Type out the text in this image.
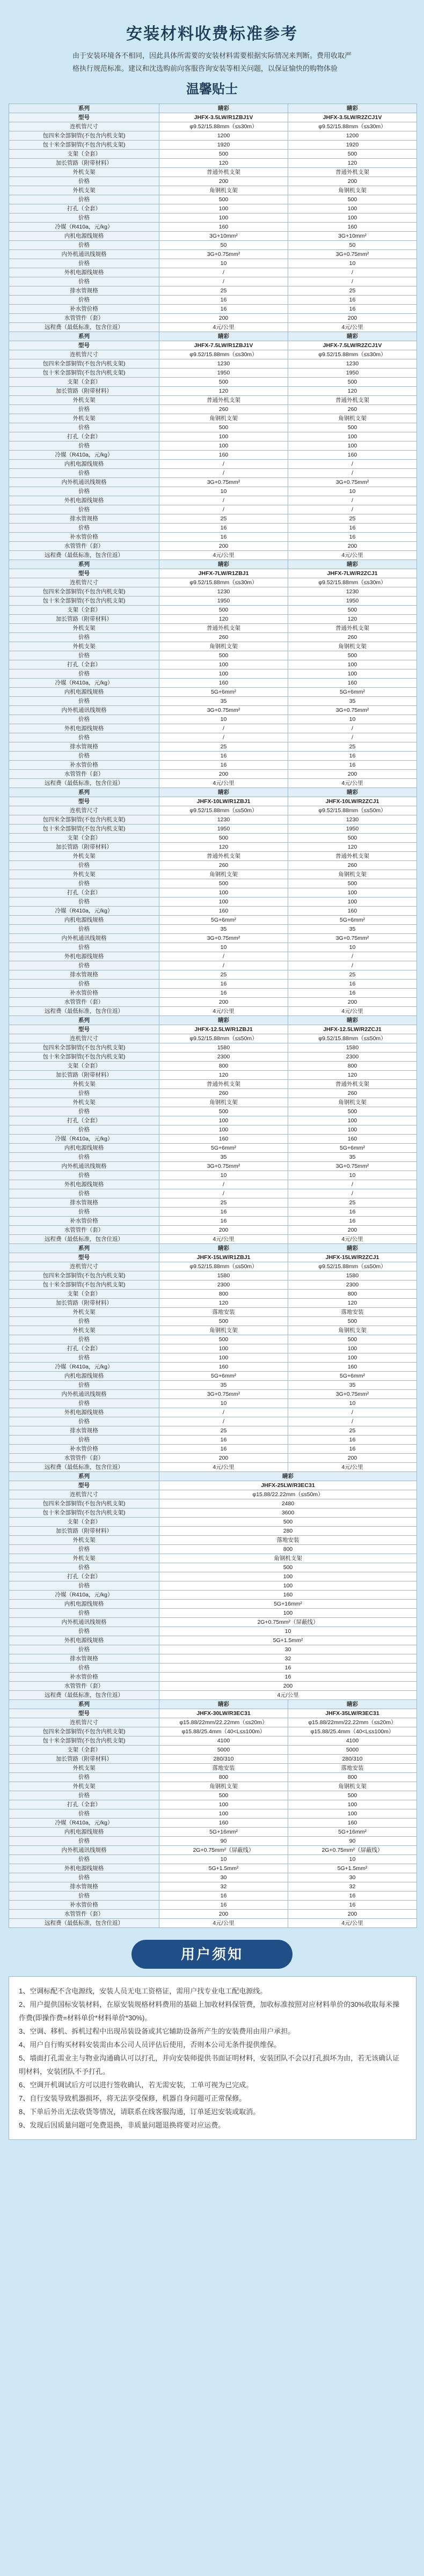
安装材料收费标准参考
由于安装环境各不相同，因此具体所需要的安装材料需要根据实际情况来判断。费用收取严格执行规范标准。建议和沈选购前向客服咨询安装等相关问题，以保证愉快的购物体验
温馨贴士
系列	睛彩	睛彩
型号	JHFX-3.5LW/R1ZBJ1V	JHFX-3.5LW/R2ZCJ1V
连机管尺寸	φ9.52/15.88mm（≤s30m）	φ9.52/15.88mm（≤s30m）
包四米全部铜管(不包含内机支架)	1200	1200
包十米全部铜管(不包含内机支架)	1920	1920
支架（全套）	500	500
加长管路（附带材料）	120	120
外机支架	普通外机支架	普通外机支架
价格	200	200
外机支架	角钢机支架	角钢机支架
价格	500	500
打孔（全套）	100	100
价格	100	100
冷媒（R410a，元/kg）	160	160
内机电源线规格	3G+10mm²	3G+10mm²
价格	50	50
内外机通讯线规格	3G+0.75mm²	3G+0.75mm²
价格	10	10
外机电源线规格	/	/
价格	/	/
排水管规格	25	25
价格	16	16
补水管价格	16	16
水管管件（套）	200	200
远程费（最低标准，包含住返）	4元/公里	4元/公里
系列	睛彩	睛彩
型号	JHFX-7.5LW/R1ZBJ1V	JHFX-7.5LW/R2ZCJ1V
连机管尺寸	φ9.52/15.88mm（≤s30m）	φ9.52/15.88mm（≤s30m）
包四米全部铜管(不包含内机支架)	1230	1230
包十米全部铜管(不包含内机支架)	1950	1950
支架（全套）	500	500
加长管路（附带材料）	120	120
外机支架	普通外机支架	普通外机支架
价格	260	260
外机支架	角钢机支架	角钢机支架
价格	500	500
打孔（全套）	100	100
价格	100	100
冷媒（R410a，元/kg）	160	160
内机电源线规格	/	/
价格	/	/
内外机通讯线规格	3G+0.75mm²	3G+0.75mm²
价格	10	10
外机电源线规格	/	/
价格	/	/
排水管规格	25	25
价格	16	16
补水管价格	16	16
水管管件（套）	200	200
远程费（最低标准，包含住返）	4元/公里	4元/公里
系列	睛彩	睛彩
型号	JHFX-7LW/R1ZBJ1	JHFX-7LW/R2ZCJ1
连机管尺寸	φ9.52/15.88mm（≤s30m）	φ9.52/15.88mm（≤s30m）
包四米全部铜管(不包含内机支架)	1230	1230
包十米全部铜管(不包含内机支架)	1950	1950
支架（全套）	500	500
加长管路（附带材料）	120	120
外机支架	普通外机支架	普通外机支架
价格	260	260
外机支架	角钢机支架	角钢机支架
价格	500	500
打孔（全套）	100	100
价格	100	100
冷媒（R410a，元/kg）	160	160
内机电源线规格	5G+6mm²	5G+6mm²
价格	35	35
内外机通讯线规格	3G+0.75mm²	3G+0.75mm²
价格	10	10
外机电源线规格	/	/
价格	/	/
排水管规格	25	25
价格	16	16
补水管价格	16	16
水管管件（套）	200	200
远程费（最低标准，包含住返）	4元/公里	4元/公里
系列	睛彩	睛彩
型号	JHFX-10LW/R1ZBJ1	JHFX-10LW/R2ZCJ1
连机管尺寸	φ9.52/15.88mm（≤s50m）	φ9.52/15.88mm（≤s50m）
包四米全部铜管(不包含内机支架)	1230	1230
包十米全部铜管(不包含内机支架)	1950	1950
支架（全套）	500	500
加长管路（附带材料）	120	120
外机支架	普通外机支架	普通外机支架
价格	260	260
外机支架	角钢机支架	角钢机支架
价格	500	500
打孔（全套）	100	100
价格	100	100
冷媒（R410a，元/kg）	160	160
内机电源线规格	5G+6mm²	5G+6mm²
价格	35	35
内外机通讯线规格	3G+0.75mm²	3G+0.75mm²
价格	10	10
外机电源线规格	/	/
价格	/	/
排水管规格	25	25
价格	16	16
补水管价格	16	16
水管管件（套）	200	200
远程费（最低标准，包含住返）	4元/公里	4元/公里
系列	睛彩	睛彩
型号	JHFX-12.5LW/R1ZBJ1	JHFX-12.5LW/R2ZCJ1
连机管尺寸	φ9.52/15.88mm（≤s50m）	φ9.52/15.88mm（≤s50m）
包四米全部铜管(不包含内机支架)	1580	1580
包十米全部铜管(不包含内机支架)	2300	2300
支架（全套）	800	800
加长管路（附带材料）	120	120
外机支架	普通外机支架	普通外机支架
价格	260	260
外机支架	角钢机支架	角钢机支架
价格	500	500
打孔（全套）	100	100
价格	100	100
冷媒（R410a，元/kg）	160	160
内机电源线规格	5G+6mm²	5G+6mm²
价格	35	35
内外机通讯线规格	3G+0.75mm²	3G+0.75mm²
价格	10	10
外机电源线规格	/	/
价格	/	/
排水管规格	25	25
价格	16	16
补水管价格	16	16
水管管件（套）	200	200
远程费（最低标准，包含住返）	4元/公里	4元/公里
系列	睛彩	睛彩
型号	JHFX-15LW/R1ZBJ1	JHFX-15LW/R2ZCJ1
连机管尺寸	φ9.52/15.88mm（≤s50m）	φ9.52/15.88mm（≤s50m）
包四米全部铜管(不包含内机支架)	1580	1580
包十米全部铜管(不包含内机支架)	2300	2300
支架（全套）	800	800
加长管路（附带材料）	120	120
外机支架	落地安装	落地安装
价格	500	500
外机支架	角钢机支架	角钢机支架
价格	500	500
打孔（全套）	100	100
价格	100	100
冷媒（R410a，元/kg）	160	160
内机电源线规格	5G+6mm²	5G+6mm²
价格	35	35
内外机通讯线规格	3G+0.75mm²	3G+0.75mm²
价格	10	10
外机电源线规格	/	/
价格	/	/
排水管规格	25	25
价格	16	16
补水管价格	16	16
水管管件（套）	200	200
远程费（最低标准，包含住返）	4元/公里	4元/公里
系列	睛彩	
型号	JHFX-25LW/R3EC31	
连机管尺寸	φ15.88/22.22mm（≤s50m）	
包四米全部铜管(不包含内机支架)	2480	
包十米全部铜管(不包含内机支架)	3600	
支架（全套）	500	
加长管路（附带材料）	280	
外机支架	落地安装	
价格	800	
外机支架	角钢机支架	
价格	500	
打孔（全套）	100	
价格	100	
冷媒（R410a，元/kg）	160	
内机电源线规格	5G+16mm²	
价格	100	
内外机通讯线规格	2G+0.75mm²（屏蔽线）	
价格	10	
外机电源线规格	5G+1.5mm²	
价格	30	
排水管规格	32	
价格	16	
补水管价格	16	
水管管件（套）	200	
远程费（最低标准，包含住返）	4元/公里	
系列	睛彩	睛彩
型号	JHFX-30LW/R3EC31	JHFX-35LW/R3EC31
连机管尺寸	φ15.88/22mm/22.22mm（≤s20m）	φ15.88/22mm/22.22mm（≤s20m）
包四米全部铜管(不包含内机支架)	φ15.88/25.4mm（40<L≤s100m）	φ15.88/25.4mm（40<L≤s100m）
包十米全部铜管(不包含内机支架)	4100	4100
支架（全套）	5000	5000
加长管路（附带材料）	280/310	280/310
外机支架	落地安装	落地安装
价格	800	800
外机支架	角钢机支架	角钢机支架
价格	500	500
打孔（全套）	100	100
价格	100	100
冷媒（R410a，元/kg）	160	160
内机电源线规格	5G+16mm²	5G+16mm²
价格	90	90
内外机通讯线规格	2G+0.75mm²（屏蔽线）	2G+0.75mm²（屏蔽线）
价格	10	10
外机电源线规格	5G+1.5mm²	5G+1.5mm²
价格	30	30
排水管规格	32	32
价格	16	16
补水管价格	16	16
水管管件（套）	200	200
远程费（最低标准，包含住返）	4元/公里	4元/公里
用户须知
1、空调标配不含电源线，安装人员无电工资格证，需用户找专业电工配电源线。
2、用户提供国标安装材料，在原安装规格材料费用的基础上加收材料保管费，加收标准按照对应材料单价的30%收取每米操作费(即操作费=材料单价*材料单价*30%)。
3、空调、移机、拆机过程中出现吊装设备或其它辅助设备所产生的安装费用由用户承担。
4、用户自行购买材料安装需由本公司人员评估后使用，否则本公司无条件提供维保。
5、墙面打孔需业主与物业沟通确认可以打孔，并向安装师提供书面证明材料，安装团队不会以打孔损坏为由，若无该确认证明材料，安装团队不予打孔。
6、空调开机调试后方可以进行签收确认，若无需安装，工单可视为已完成。
7、自行安装导致机器损坏，将无法享受保修，机器自身问题可正常保修。
8、下单后外出无法收货等情况，请联系在线客服沟通，订单延迟安装或取消。
9、发现后因质量问题可免费退换，非质量问题退换将要对应运费。
